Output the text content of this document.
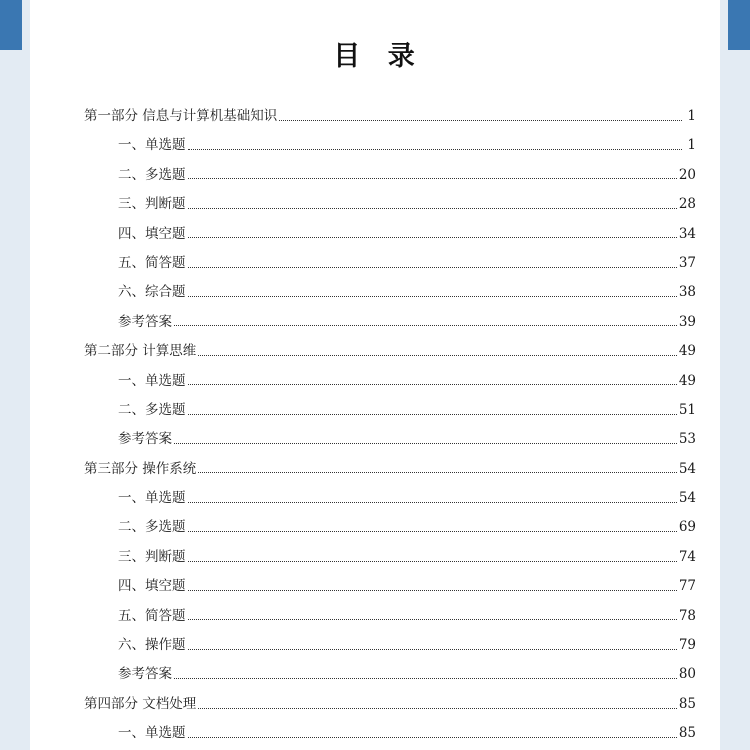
目 录
第一部分 信息与计算机基础知识	1
一、单选题	1
二、多选题	20
三、判断题	28
四、填空题	34
五、简答题	37
六、综合题	38
参考答案	39
第二部分 计算思维	49
一、单选题	49
二、多选题	51
参考答案	53
第三部分 操作系统	54
一、单选题	54
二、多选题	69
三、判断题	74
四、填空题	77
五、简答题	78
六、操作题	79
参考答案	80
第四部分 文档处理	85
一、单选题	85
